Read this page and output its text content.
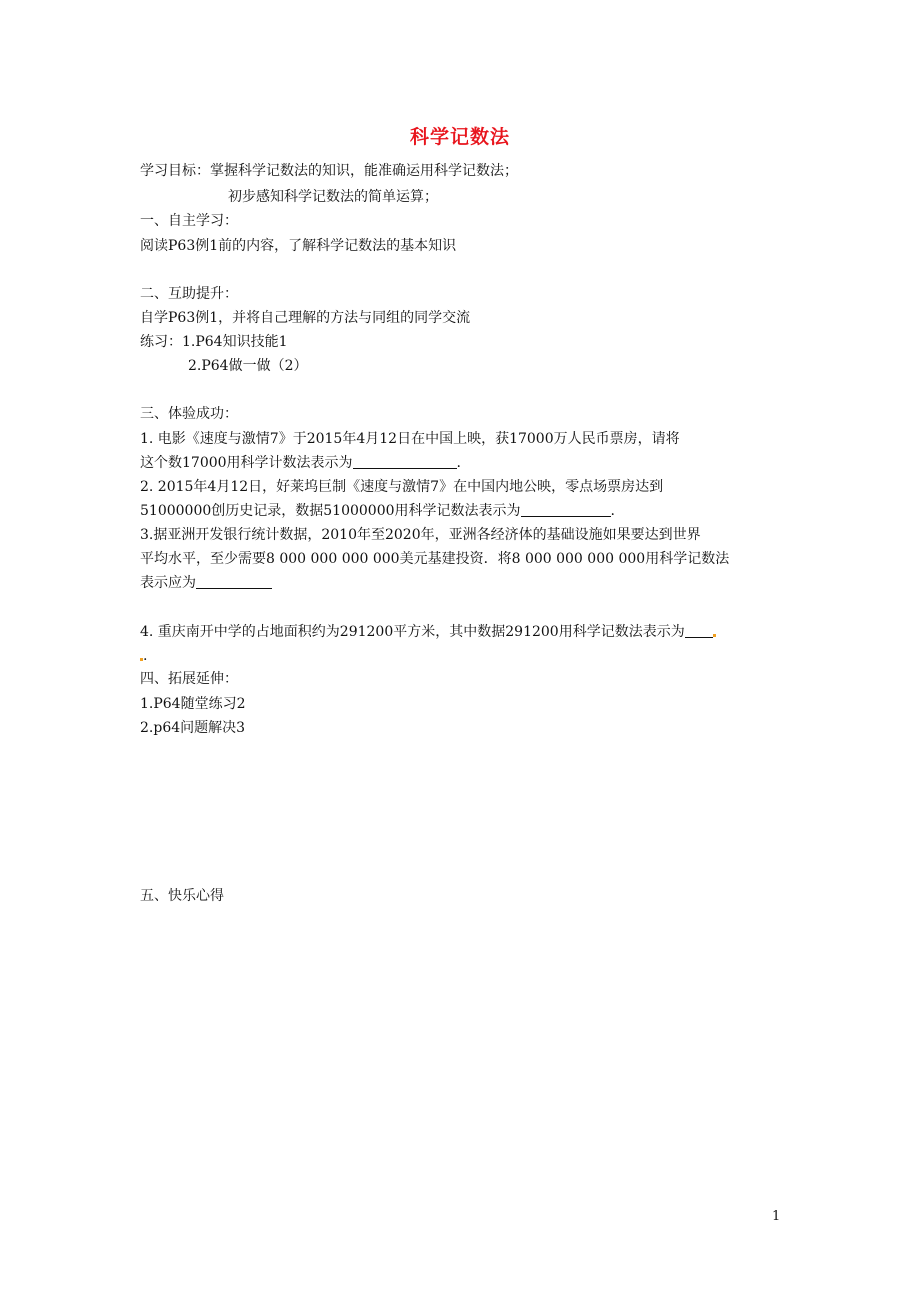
科学记数法
学习目标：掌握科学记数法的知识，能准确运用科学记数法；
初步感知科学记数法的简单运算；
一、自主学习：
阅读P63例1前的内容，了解科学记数法的基本知识
二、互助提升：
自学P63例1，并将自己理解的方法与同组的同学交流
练习：1.P64知识技能1
2.P64做一做（2）
三、体验成功：
1. 电影《速度与激情7》于2015年4月12日在中国上映，获17000万人民币票房，请将
这个数17000用科学计数法表示为	.
2. 2015年4月12日，好莱坞巨制《速度与激情7》在中国内地公映，零点场票房达到
51000000创历史记录，数据51000000用科学记数法表示为	.
3.据亚洲开发银行统计数据，2010年至2020年，亚洲各经济体的基础设施如果要达到世界
平均水平，至少需要8 000 000 000 000美元基建投资．将8 000 000 000 000用科学记数法
表示应为
4. 重庆南开中学的占地面积约为291200平方米，其中数据291200用科学记数法表示为
.
四、拓展延伸：
1.P64随堂练习2
2.p64问题解决3
五、快乐心得
1
